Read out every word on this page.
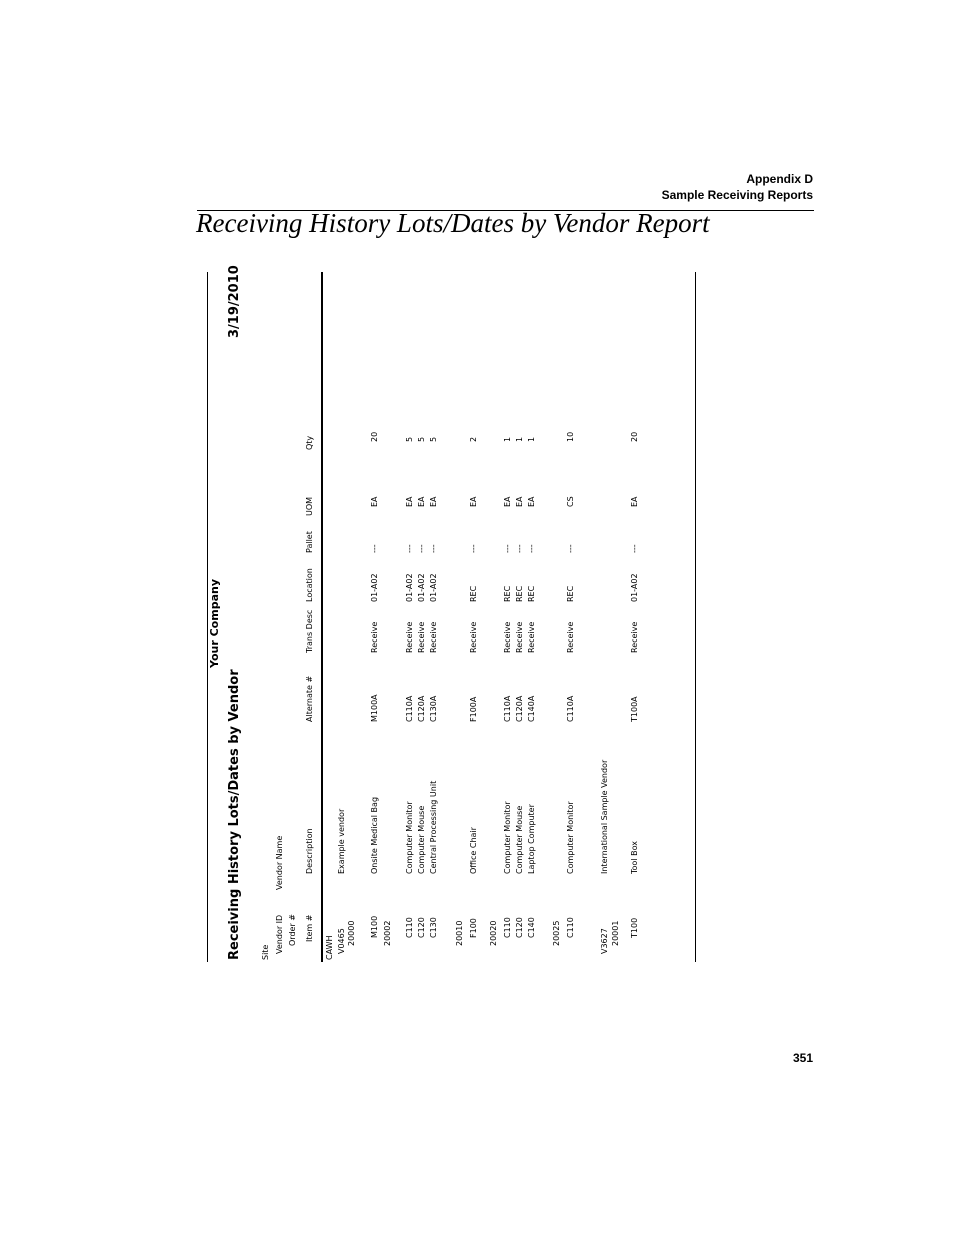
Appendix D
Sample Receiving Reports
Receiving History Lots/Dates by Vendor Report
Your Company
Receiving History Lots/Dates by Vendor
3/19/2010
Site Vendor ID
Vendor Name
Order # Item #
Description
Alternate #
Trans Desc
Location
Pallet
UOM
Qty
CAWH V0465
Example vendor
20000 M100
Onsite Medical Bag
M100A
Receive
01-A02
---
EA
20
20002 C110
Computer Monitor
C110A
Receive
01-A02
---
EA
5
C120
Computer Mouse
C120A
Receive
01-A02
---
EA
5
C130
Central Processing Unit
C130A
Receive
01-A02
---
EA
5
20010 F100
Office Chair
F100A
Receive
REC
---
EA
2
20020 C110
Computer Monitor
C110A
Receive
REC
---
EA
1
C120
Computer Mouse
C120A
Receive
REC
---
EA
1
C140
Laptop Computer
C140A
Receive
REC
---
EA
1
20025 C110
Computer Monitor
C110A
Receive
REC
---
CS
10
V3627
International Sample Vendor
20001 T100
Tool Box
T100A
Receive
01-A02
---
EA
20
351
